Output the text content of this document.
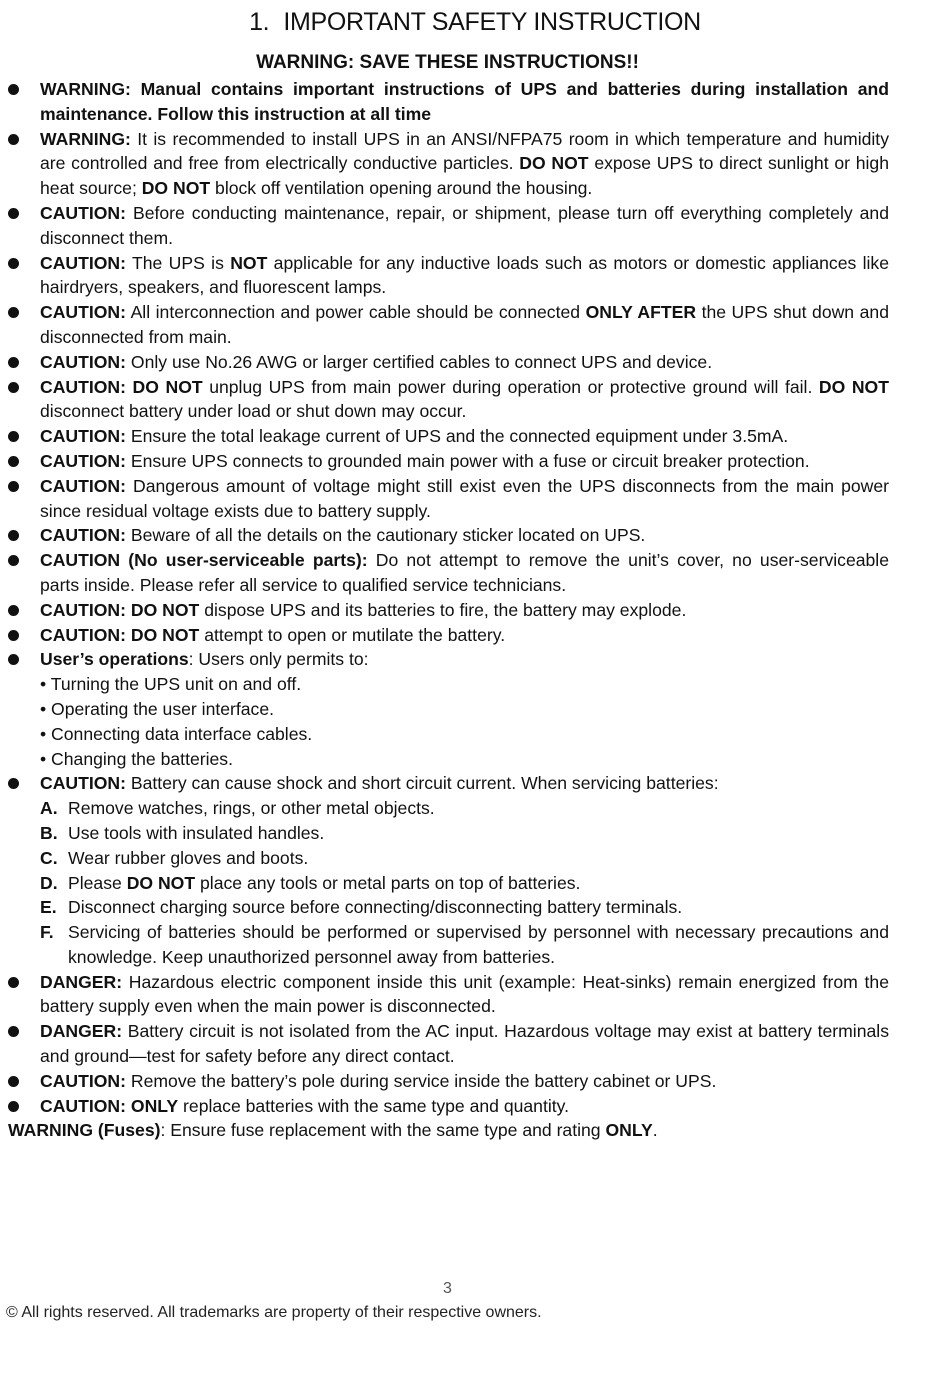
1. IMPORTANT SAFETY INSTRUCTION
WARNING: SAVE THESE INSTRUCTIONS!!
WARNING: Manual contains important instructions of UPS and batteries during installation and maintenance. Follow this instruction at all time
WARNING: It is recommended to install UPS in an ANSI/NFPA75 room in which temperature and humidity are controlled and free from electrically conductive particles. DO NOT expose UPS to direct sunlight or high heat source; DO NOT block off ventilation opening around the housing.
CAUTION: Before conducting maintenance, repair, or shipment, please turn off everything completely and disconnect them.
CAUTION: The UPS is NOT applicable for any inductive loads such as motors or domestic appliances like hairdryers, speakers, and fluorescent lamps.
CAUTION: All interconnection and power cable should be connected ONLY AFTER the UPS shut down and disconnected from main.
CAUTION: Only use No.26 AWG or larger certified cables to connect UPS and device.
CAUTION: DO NOT unplug UPS from main power during operation or protective ground will fail. DO NOT disconnect battery under load or shut down may occur.
CAUTION: Ensure the total leakage current of UPS and the connected equipment under 3.5mA.
CAUTION: Ensure UPS connects to grounded main power with a fuse or circuit breaker protection.
CAUTION: Dangerous amount of voltage might still exist even the UPS disconnects from the main power since residual voltage exists due to battery supply.
CAUTION: Beware of all the details on the cautionary sticker located on UPS.
CAUTION (No user-serviceable parts): Do not attempt to remove the unit’s cover, no user-serviceable parts inside. Please refer all service to qualified service technicians.
CAUTION: DO NOT dispose UPS and its batteries to fire, the battery may explode.
CAUTION: DO NOT attempt to open or mutilate the battery.
User’s operations: Users only permits to:
• Turning the UPS unit on and off.
• Operating the user interface.
• Connecting data interface cables.
• Changing the batteries.
CAUTION: Battery can cause shock and short circuit current. When servicing batteries:
A. Remove watches, rings, or other metal objects.
B. Use tools with insulated handles.
C. Wear rubber gloves and boots.
D. Please DO NOT place any tools or metal parts on top of batteries.
E. Disconnect charging source before connecting/disconnecting battery terminals.
F. Servicing of batteries should be performed or supervised by personnel with necessary precautions and knowledge. Keep unauthorized personnel away from batteries.
DANGER: Hazardous electric component inside this unit (example: Heat-sinks) remain energized from the battery supply even when the main power is disconnected.
DANGER: Battery circuit is not isolated from the AC input. Hazardous voltage may exist at battery terminals and ground—test for safety before any direct contact.
CAUTION: Remove the battery’s pole during service inside the battery cabinet or UPS.
CAUTION: ONLY replace batteries with the same type and quantity.
WARNING (Fuses): Ensure fuse replacement with the same type and rating ONLY.
3
© All rights reserved. All trademarks are property of their respective owners.
